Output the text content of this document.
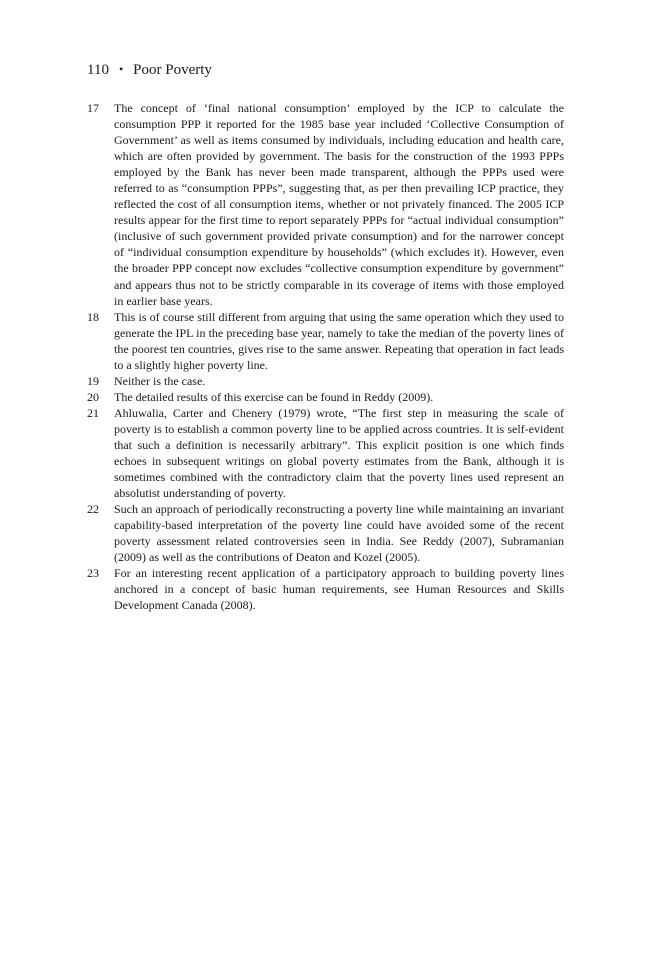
110 • Poor Poverty
17	The concept of ‘final national consumption’ employed by the ICP to calculate the consumption PPP it reported for the 1985 base year included ‘Collective Consumption of Government’ as well as items consumed by individuals, including education and health care, which are often provided by government. The basis for the construction of the 1993 PPPs employed by the Bank has never been made transparent, although the PPPs used were referred to as “consumption PPPs”, suggesting that, as per then prevailing ICP practice, they reflected the cost of all consumption items, whether or not privately financed. The 2005 ICP results appear for the first time to report separately PPPs for “actual individual consumption” (inclusive of such government provided private consumption) and for the narrower concept of “individual consumption expenditure by households” (which excludes it). However, even the broader PPP concept now excludes “collective consumption expenditure by government” and appears thus not to be strictly comparable in its coverage of items with those employed in earlier base years.
18	This is of course still different from arguing that using the same operation which they used to generate the IPL in the preceding base year, namely to take the median of the poverty lines of the poorest ten countries, gives rise to the same answer. Repeating that operation in fact leads to a slightly higher poverty line.
19	Neither is the case.
20	The detailed results of this exercise can be found in Reddy (2009).
21	Ahluwalia, Carter and Chenery (1979) wrote, “The first step in measuring the scale of poverty is to establish a common poverty line to be applied across countries. It is self-evident that such a definition is necessarily arbitrary”. This explicit position is one which finds echoes in subsequent writings on global poverty estimates from the Bank, although it is sometimes combined with the contradictory claim that the poverty lines used represent an absolutist understanding of poverty.
22	Such an approach of periodically reconstructing a poverty line while maintaining an invariant capability-based interpretation of the poverty line could have avoided some of the recent poverty assessment related controversies seen in India. See Reddy (2007), Subramanian (2009) as well as the contributions of Deaton and Kozel (2005).
23	For an interesting recent application of a participatory approach to building poverty lines anchored in a concept of basic human requirements, see Human Resources and Skills Development Canada (2008).
